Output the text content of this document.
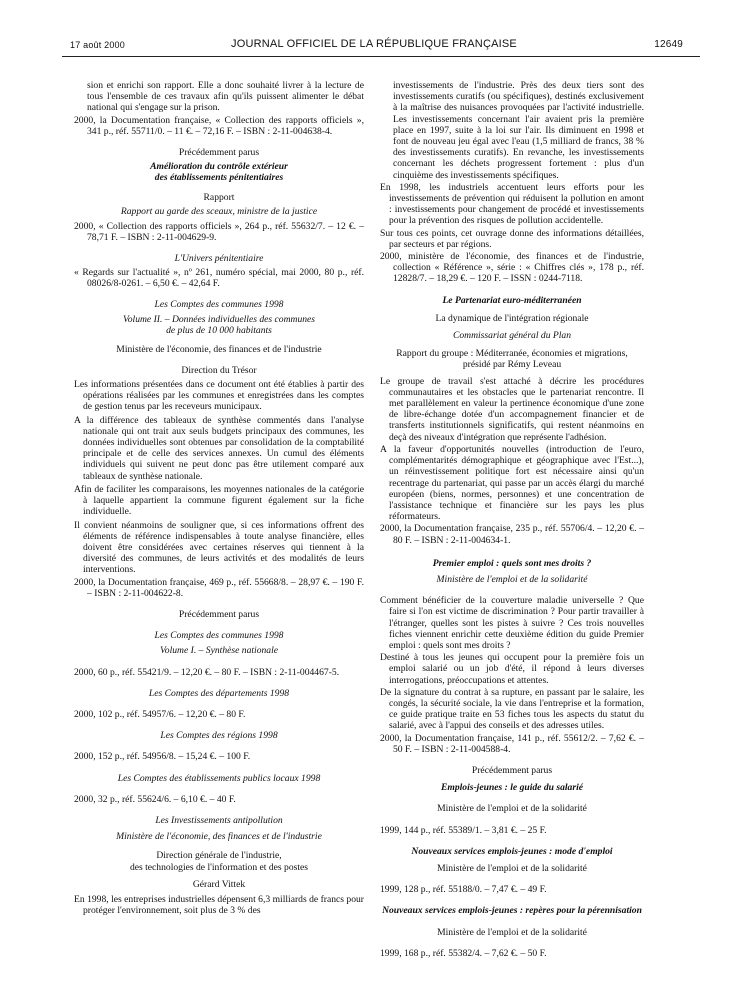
17 août 2000	JOURNAL OFFICIEL DE LA RÉPUBLIQUE FRANÇAISE	12649

sion et enrichi son rapport. Elle a donc souhaité livrer à la lecture de tous l'ensemble de ces travaux afin qu'ils puissent alimenter le débat national qui s'engage sur la prison.

2000, la Documentation française, « Collection des rapports officiels », 341 p., réf. 55711/0. – 11 €. – 72,16 F. – ISBN : 2-11-004638-4.

Précédemment parus

Amélioration du contrôle extérieur
des établissements pénitentiaires

Rapport

Rapport au garde des sceaux, ministre de la justice

2000, « Collection des rapports officiels », 264 p., réf. 55632/7. – 12 €. – 78,71 F. – ISBN : 2-11-004629-9.

L'Univers pénitentiaire

« Regards sur l'actualité », nº 261, numéro spécial, mai 2000, 80 p., réf. 08026/8-0261. – 6,50 €. – 42,64 F.

Les Comptes des communes 1998

Volume II. – Données individuelles des communes
de plus de 10 000 habitants

Ministère de l'économie, des finances et de l'industrie

Direction du Trésor

Les informations présentées dans ce document ont été établies à partir des opérations réalisées par les communes et enregistrées dans les comptes de gestion tenus par les receveurs municipaux.

A la différence des tableaux de synthèse commentés dans l'analyse nationale qui ont trait aux seuls budgets principaux des communes, les données individuelles sont obtenues par consolidation de la comptabilité principale et de celle des services annexes. Un cumul des éléments individuels qui suivent ne peut donc pas être utilement comparé aux tableaux de synthèse nationale.

Afin de faciliter les comparaisons, les moyennes nationales de la catégorie à laquelle appartient la commune figurent également sur la fiche individuelle.

Il convient néanmoins de souligner que, si ces informations offrent des éléments de référence indispensables à toute analyse financière, elles doivent être considérées avec certaines réserves qui tiennent à la diversité des communes, de leurs activités et des modalités de leurs interventions.

2000, la Documentation française, 469 p., réf. 55668/8. – 28,97 €. – 190 F. – ISBN : 2-11-004622-8.

Précédemment parus

Les Comptes des communes 1998

Volume I. – Synthèse nationale

2000, 60 p., réf. 55421/9. – 12,20 €. – 80 F. – ISBN : 2-11-004467-5.

Les Comptes des départements 1998

2000, 102 p., réf. 54957/6. – 12,20 €. – 80 F.

Les Comptes des régions 1998

2000, 152 p., réf. 54956/8. – 15,24 €. – 100 F.

Les Comptes des établissements publics locaux 1998

2000, 32 p., réf. 55624/6. – 6,10 €. – 40 F.

Les Investissements antipollution

Ministère de l'économie, des finances et de l'industrie

Direction générale de l'industrie,
des technologies de l'information et des postes

Gérard Vittek

En 1998, les entreprises industrielles dépensent 6,3 milliards de francs pour protéger l'environnement, soit plus de 3 % des

investissements de l'industrie. Près des deux tiers sont des investissements curatifs (ou spécifiques), destinés exclusivement à la maîtrise des nuisances provoquées par l'activité industrielle. Les investissements concernant l'air avaient pris la première place en 1997, suite à la loi sur l'air. Ils diminuent en 1998 et font de nouveau jeu égal avec l'eau (1,5 milliard de francs, 38 % des investissements curatifs). En revanche, les investissements concernant les déchets progressent fortement : plus d'un cinquième des investissements spécifiques.

En 1998, les industriels accentuent leurs efforts pour les investissements de prévention qui réduisent la pollution en amont : investissements pour changement de procédé et investissements pour la prévention des risques de pollution accidentelle.

Sur tous ces points, cet ouvrage donne des informations détaillées, par secteurs et par régions.

2000, ministère de l'économie, des finances et de l'industrie, collection « Référence », série : « Chiffres clés », 178 p., réf. 12828/7. – 18,29 €. – 120 F. – ISSN : 0244-7118.

Le Partenariat euro-méditerranéen

La dynamique de l'intégration régionale

Commissariat général du Plan

Rapport du groupe : Méditerranée, économies et migrations,
présidé par Rémy Leveau

Le groupe de travail s'est attaché à décrire les procédures communautaires et les obstacles que le partenariat rencontre. Il met parallèlement en valeur la pertinence économique d'une zone de libre-échange dotée d'un accompagnement financier et de transferts institutionnels significatifs, qui restent néanmoins en deçà des niveaux d'intégration que représente l'adhésion.

A la faveur d'opportunités nouvelles (introduction de l'euro, complémentarités démographique et géographique avec l'Est...), un réinvestissement politique fort est nécessaire ainsi qu'un recentrage du partenariat, qui passe par un accès élargi du marché européen (biens, normes, personnes) et une concentration de l'assistance technique et financière sur les pays les plus réformateurs.

2000, la Documentation française, 235 p., réf. 55706/4. – 12,20 €. – 80 F. – ISBN : 2-11-004634-1.

Premier emploi : quels sont mes droits ?

Ministère de l'emploi et de la solidarité

Comment bénéficier de la couverture maladie universelle ? Que faire si l'on est victime de discrimination ? Pour partir travailler à l'étranger, quelles sont les pistes à suivre ? Ces trois nouvelles fiches viennent enrichir cette deuxième édition du guide Premier emploi : quels sont mes droits ?

Destiné à tous les jeunes qui occupent pour la première fois un emploi salarié ou un job d'été, il répond à leurs diverses interrogations, préoccupations et attentes.

De la signature du contrat à sa rupture, en passant par le salaire, les congés, la sécurité sociale, la vie dans l'entreprise et la formation, ce guide pratique traite en 53 fiches tous les aspects du statut du salarié, avec à l'appui des conseils et des adresses utiles.

2000, la Documentation française, 141 p., réf. 55612/2. – 7,62 €. – 50 F. – ISBN : 2-11-004588-4.

Précédemment parus

Emplois-jeunes : le guide du salarié

Ministère de l'emploi et de la solidarité

1999, 144 p., réf. 55389/1. – 3,81 €. – 25 F.

Nouveaux services emplois-jeunes : mode d'emploi

Ministère de l'emploi et de la solidarité

1999, 128 p., réf. 55188/0. – 7,47 €. – 49 F.

Nouveaux services emplois-jeunes : repères pour la pérennisation

Ministère de l'emploi et de la solidarité

1999, 168 p., réf. 55382/4. – 7,62 €. – 50 F.
